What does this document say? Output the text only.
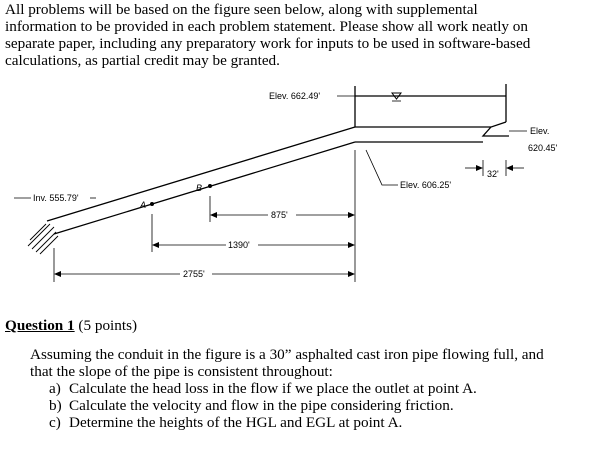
All problems will be based on the figure seen below, along with supplemental
information to be provided in each problem statement. Please show all work neatly on
separate paper, including any preparatory work for inputs to be used in software-based
calculations, as partial credit may be granted.
Elev. 662.49'
Elev.
620.45'
32'
Elev. 606.25'
Inv. 555.79'
A
B
875'
1390'
2755'
Question 1 (5 points)
Assuming the conduit in the figure is a 30” asphalted cast iron pipe flowing full, and
that the slope of the pipe is consistent throughout:
a) Calculate the head loss in the flow if we place the outlet at point A.
b) Calculate the velocity and flow in the pipe considering friction.
c) Determine the heights of the HGL and EGL at point A.
